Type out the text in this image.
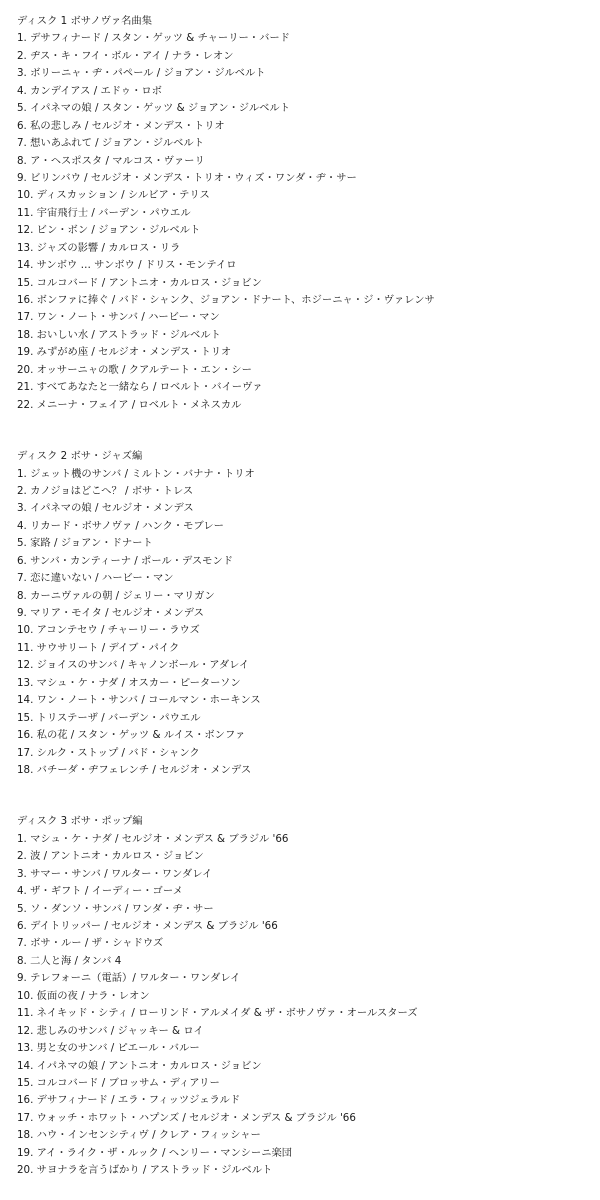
ディスク 1 ボサノヴァ名曲集
1. デサフィナード / スタン・ゲッツ & チャーリー・バード
2. ヂス・キ・フイ・ボル・アイ / ナラ・レオン
3. ボリーニャ・ヂ・パペール / ジョアン・ジルベルト
4. カンデイアス / エドゥ・ロボ
5. イパネマの娘 / スタン・ゲッツ & ジョアン・ジルベルト
6. 私の悲しみ / セルジオ・メンデス・トリオ
7. 想いあふれて / ジョアン・ジルベルト
8. ア・ヘスポスタ / マルコス・ヴァーリ
9. ビリンバウ / セルジオ・メンデス・トリオ・ウィズ・ワンダ・ヂ・サー
10. ディスカッション / シルビア・テリス
11. 宇宙飛行士 / バーデン・パウエル
12. ビン・ボン / ジョアン・ジルベルト
13. ジャズの影響 / カルロス・リラ
14. サンボウ … サンボウ / ドリス・モンテイロ
15. コルコバード / アントニオ・カルロス・ジョビン
16. ボンファに捧ぐ / バド・シャンク、ジョアン・ドナート、ホジーニャ・ジ・ヴァレンサ
17. ワン・ノート・サンバ / ハービー・マン
18. おいしい水 / アストラッド・ジルベルト
19. みずがめ座 / セルジオ・メンデス・トリオ
20. オッサーニャの歌 / クアルテート・エン・シー
21. すべてあなたと一緒なら / ロベルト・バイーヴァ
22. メニーナ・フェイア / ロベルト・メネスカル
ディスク 2 ボサ・ジャズ編
1. ジェット機のサンバ / ミルトン・バナナ・トリオ
2. カノジョはどこへ？ / ボサ・トレス
3. イパネマの娘 / セルジオ・メンデス
4. リカード・ボサノヴァ / ハンク・モブレー
5. 家路 / ジョアン・ドナート
6. サンバ・カンティーナ / ポール・デスモンド
7. 恋に違いない / ハービー・マン
8. カーニヴァルの朝 / ジェリー・マリガン
9. マリア・モイタ / セルジオ・メンデス
10. アコンテセウ / チャーリー・ラウズ
11. サウサリート / デイブ・パイク
12. ジョイスのサンバ / キャノンボール・アダレイ
13. マシュ・ケ・ナダ / オスカー・ピーターソン
14. ワン・ノート・サンバ / コールマン・ホーキンス
15. トリステーザ / バーデン・パウエル
16. 私の花 / スタン・ゲッツ & ルイス・ボンファ
17. シルク・ストップ / バド・シャンク
18. バチーダ・ヂフェレンチ / セルジオ・メンデス
ディスク 3 ボサ・ポップ編
1. マシュ・ケ・ナダ / セルジオ・メンデス & ブラジル '66
2. 波 / アントニオ・カルロス・ジョビン
3. サマー・サンバ / ワルター・ワンダレイ
4. ザ・ギフト / イーディー・ゴーメ
5. ソ・ダンソ・サンバ / ワンダ・ヂ・サー
6. デイトリッパー / セルジオ・メンデス & ブラジル '66
7. ボサ・ルー / ザ・シャドウズ
8. 二人と海 / タンバ 4
9. テレフォーニ（電話）/ ワルター・ワンダレイ
10. 仮面の夜 / ナラ・レオン
11. ネイキッド・シティ / ローリンド・アルメイダ & ザ・ボサノヴァ・オールスターズ
12. 悲しみのサンバ / ジャッキー & ロイ
13. 男と女のサンバ / ピエール・バルー
14. イパネマの娘 / アントニオ・カルロス・ジョビン
15. コルコバード / ブロッサム・ディアリー
16. デサフィナード / エラ・フィッツジェラルド
17. ウォッチ・ホワット・ハプンズ / セルジオ・メンデス & ブラジル '66
18. ハウ・インセンシティヴ / クレア・フィッシャー
19. アイ・ライク・ザ・ルック / ヘンリー・マンシーニ楽団
20. サヨナラを言うばかり / アストラッド・ジルベルト
